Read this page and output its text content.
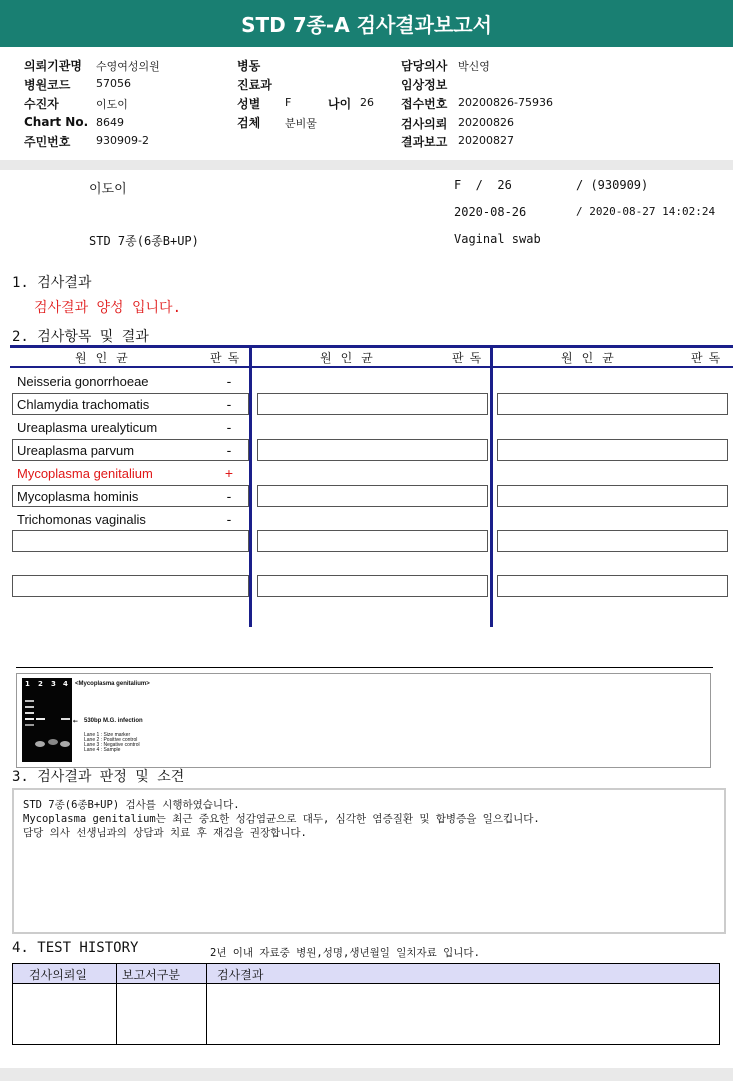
STD 7종-A 검사결과보고서
의뢰기관명 수영여성의원
병원코드 57056
수진자	이도이
Chart No. 8649
주민번호 930909-2
병동
진료과
성별 F	나이 26
검체 분비물
담당의사 박신영
임상정보
접수번호 20200826-75936
검사의뢰 20200826
결과보고 20200827
이도이	F  /  26	/ (930909)
2020-08-26	/ 2020-08-27 14:02:24
STD 7종(6종B+UP)	Vaginal swab
1. 검사결과
검사결과 양성 입니다.
2. 검사항목 및 결과
원인균	판독	원인균	판독	원인균	판독
Neisseria gonorrhoeae	-
Chlamydia trachomatis	-
Ureaplasma urealyticum	-
Ureaplasma parvum	-
Mycoplasma genitalium	+
Mycoplasma hominis	-
Trichomonas vaginalis	-
1 2 3 4 <Mycoplasma genitalium>
← 530bp M.G. infection
Lane 1 : Size marker
Lane 2 : Positive control
Lane 3 : Negative control
Lane 4 : Sample
3. 검사결과 판정 및 소견
STD 7종(6종B+UP) 검사를 시행하였습니다.
Mycoplasma genitalium는 최근 중요한 성감염균으로 대두, 심각한 염증질환 및 합병증을 일으킵니다.
담당 의사 선생님과의 상담과 치료 후 재검을 권장합니다.
4. TEST HISTORY	2년 이내 자료중 병원,성명,생년월일 일치자료 입니다.
검사의뢰일	보고서구분	검사결과
